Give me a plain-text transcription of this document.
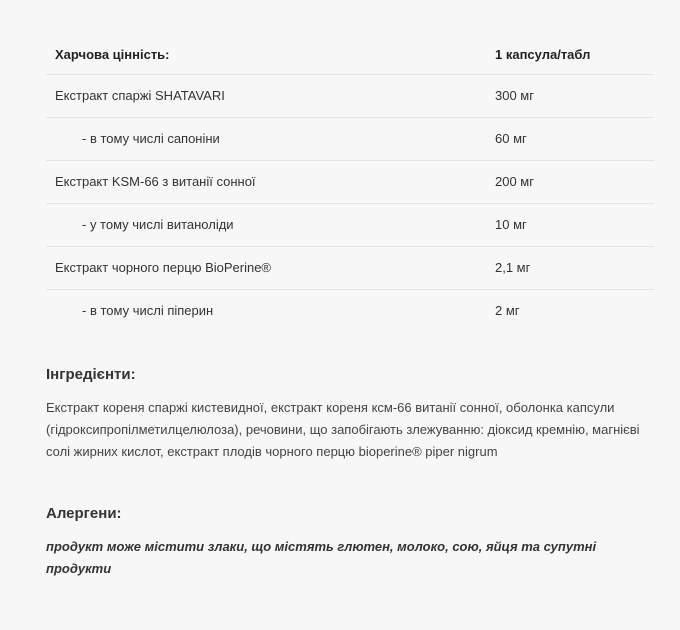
Харчова цінність:	1 капсула/табл
Екстракт спаржі SHATAVARI	300 мг
- в тому числі сапоніни	60 мг
Екстракт KSM-66 з витанії сонної	200 мг
- у тому числі витаноліди	10 мг
Екстракт чорного перцю BioPerine®	2,1 мг
- в тому числі піперин	2 мг
Інгредієнти:

Екстракт кореня спаржі кистевидної, екстракт кореня ксм-66 витанії сонної, оболонка капсули (гідроксипропілметилцелюлоза), речовини, що запобігають злежуванню: діоксид кремнію, магнієві солі жирних кислот, екстракт плодів чорного перцю bioperine® piper nigrum

Алергени:

продукт може містити злаки, що містять глютен, молоко, сою, яйця та супутні продукти
